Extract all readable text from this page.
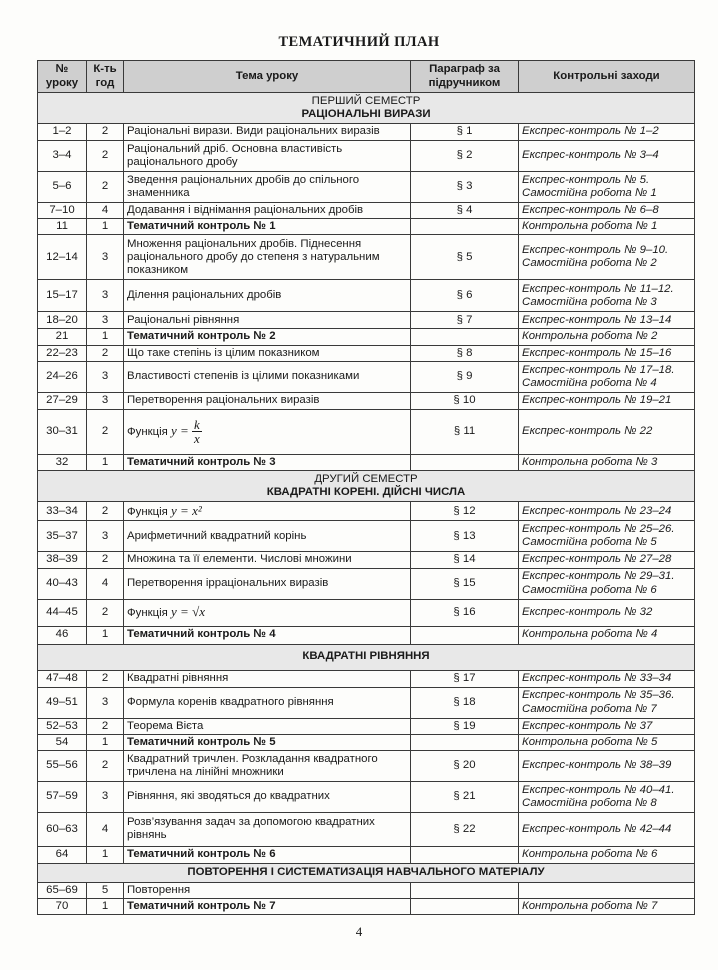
ТЕМАТИЧНИЙ ПЛАН
№ уроку	К-ть год	Тема уроку	Параграф за підручником	Контрольні заходи

ПЕРШИЙ СЕМЕСТР
РАЦІОНАЛЬНІ ВИРАЗИ				

1–2	2	Раціональні вирази. Види раціональних виразів	§ 1	Експрес-контроль № 1–2
3–4	2	Раціональний дріб. Основна властивість раціонального дробу	§ 2	Експрес-контроль № 3–4
5–6	2	Зведення раціональних дробів до спільного знаменника	§ 3	Експрес-контроль № 5. Самостійна робота № 1
7–10	4	Додавання і віднімання раціональних дробів	§ 4	Експрес-контроль № 6–8
11	1	Тематичний контроль № 1		Контрольна робота № 1
12–14	3	Множення раціональних дробів. Піднесення раціонального дробу до степеня з натуральним показником	§ 5	Експрес-контроль № 9–10. Самостійна робота № 2
15–17	3	Ділення раціональних дробів	§ 6	Експрес-контроль № 11–12. Самостійна робота № 3
18–20	3	Раціональні рівняння	§ 7	Експрес-контроль № 13–14
21	1	Тематичний контроль № 2		Контрольна робота № 2
22–23	2	Що таке степінь із цілим показником	§ 8	Експрес-контроль № 15–16
24–26	3	Властивості степенів із цілими показниками	§ 9	Експрес-контроль № 17–18. Самостійна робота № 4
27–29	3	Перетворення раціональних виразів	§ 10	Експрес-контроль № 19–21
30–31	2	Функція $y = \frac{k}{x}$	§ 11	Експрес-контроль № 22
32	1	Тематичний контроль № 3		Контрольна робота № 3

ДРУГИЙ СЕМЕСТР
КВАДРАТНІ КОРЕНІ. ДІЙСНІ ЧИСЛА				

33–34	2	Функція y = x²	§ 12	Експрес-контроль № 23–24
35–37	3	Арифметичний квадратний корінь	§ 13	Експрес-контроль № 25–26. Самостійна робота № 5
38–39	2	Множина та її елементи. Числові множини	§ 14	Експрес-контроль № 27–28
40–43	4	Перетворення ірраціональних виразів	§ 15	Експрес-контроль № 29–31. Самостійна робота № 6
44–45	2	Функція y = √x	§ 16	Експрес-контроль № 32
46	1	Тематичний контроль № 4		Контрольна робота № 4

КВАДРАТНІ РІВНЯННЯ				

47–48	2	Квадратні рівняння	§ 17	Експрес-контроль № 33–34
49–51	3	Формула коренів квадратного рівняння	§ 18	Експрес-контроль № 35–36. Самостійна робота № 7
52–53	2	Теорема Вієта	§ 19	Експрес-контроль № 37
54	1	Тематичний контроль № 5		Контрольна робота № 5
55–56	2	Квадратний тричлен. Розкладання квадратного тричлена на лінійні множники	§ 20	Експрес-контроль № 38–39
57–59	3	Рівняння, які зводяться до квадратних	§ 21	Експрес-контроль № 40–41. Самостійна робота № 8
60–63	4	Розв’язування задач за допомогою квадратних рівнянь	§ 22	Експрес-контроль № 42–44
64	1	Тематичний контроль № 6		Контрольна робота № 6

ПОВТОРЕННЯ І СИСТЕМАТИЗАЦІЯ НАВЧАЛЬНОГО МАТЕРІАЛУ				

65–69	5	Повторення		
70	1	Тематичний контроль № 7		Контрольна робота № 7
4
